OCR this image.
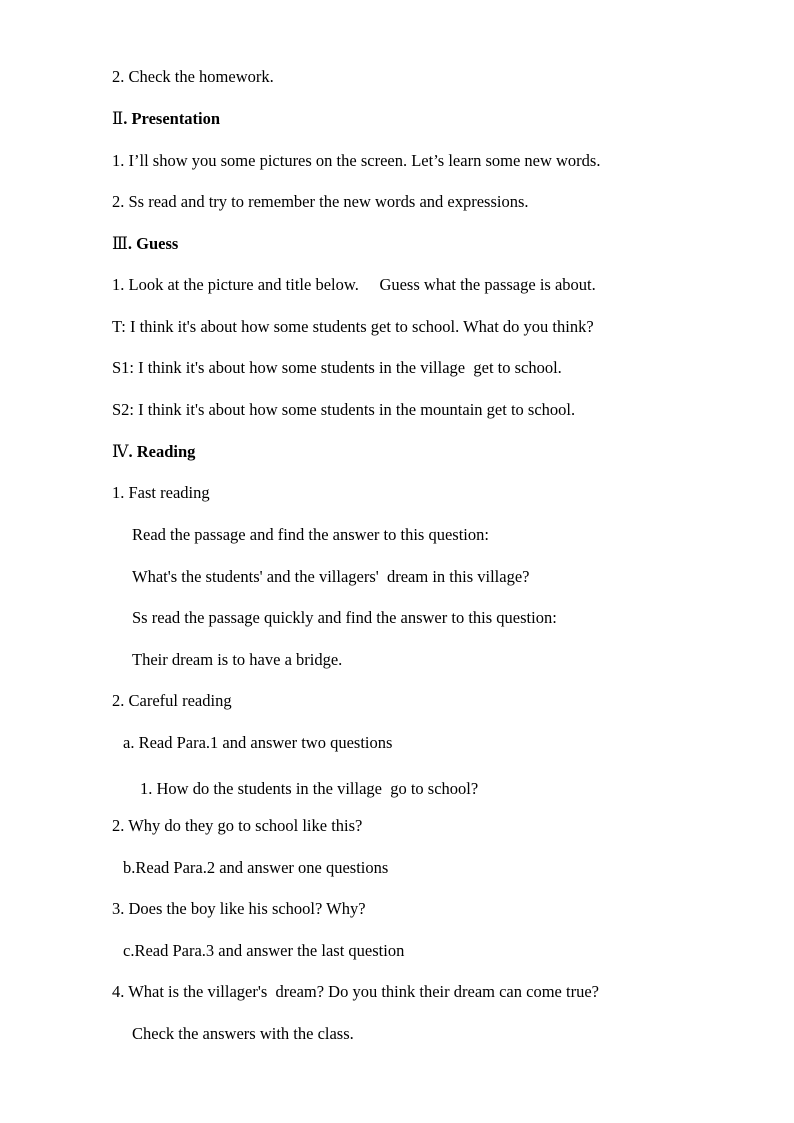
2. Check the homework.
Ⅱ. Presentation
1. I’ll show you some pictures on the screen. Let’s learn some new words.
2. Ss read and try to remember the new words and expressions.
Ⅲ. Guess
1. Look at the picture and title below.     Guess what the passage is about.
T: I think it's about how some students get to school. What do you think?
S1: I think it's about how some students in the village  get to school.
S2: I think it's about how some students in the mountain get to school.
Ⅳ. Reading
1. Fast reading
Read the passage and find the answer to this question:
What's the students' and the villagers'  dream in this village?
Ss read the passage quickly and find the answer to this question:
Their dream is to have a bridge.
2. Careful reading
a. Read Para.1 and answer two questions
1. How do the students in the village  go to school?
2. Why do they go to school like this?
b.Read Para.2 and answer one questions
3. Does the boy like his school? Why?
c.Read Para.3 and answer the last question
4. What is the villager's  dream? Do you think their dream can come true?
Check the answers with the class.
